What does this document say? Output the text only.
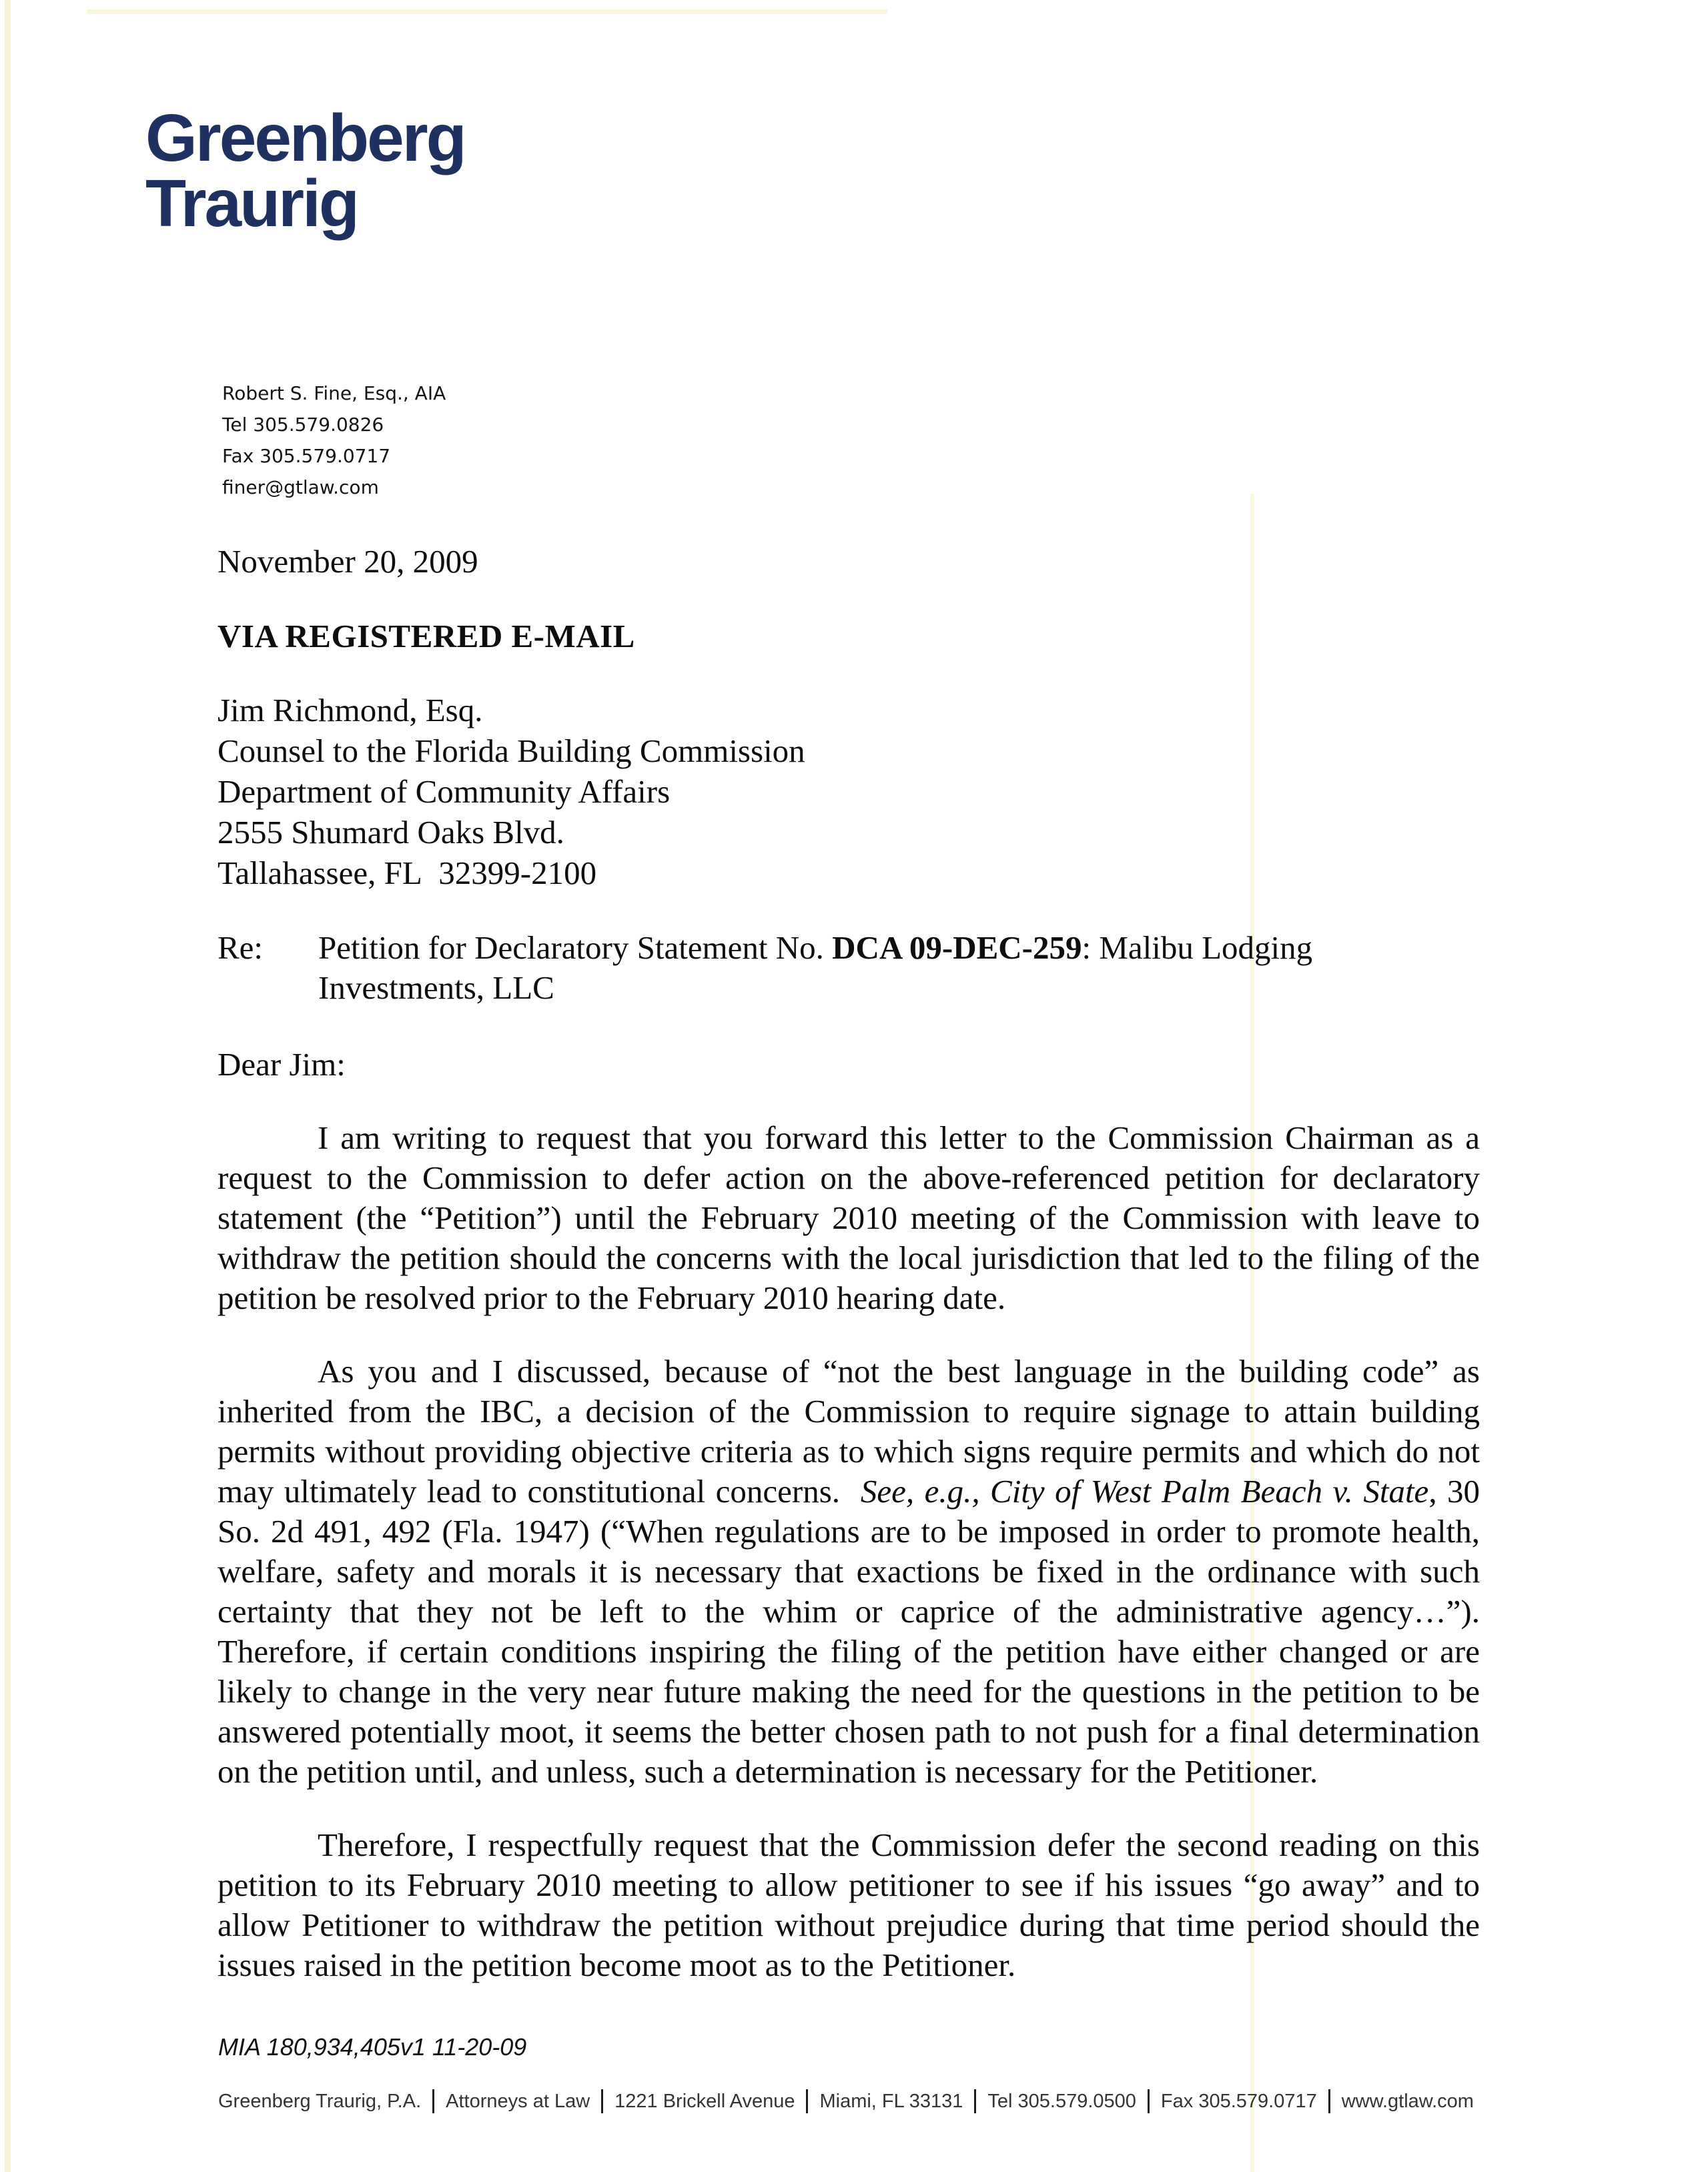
Greenberg
Traurig
Robert S. Fine, Esq., AIA
Tel 305.579.0826
Fax 305.579.0717
finer@gtlaw.com
November 20, 2009
VIA REGISTERED E-MAIL
Jim Richmond, Esq.
Counsel to the Florida Building Commission
Department of Community Affairs
2555 Shumard Oaks Blvd.
Tallahassee, FL  32399-2100
Re:	Petition for Declaratory Statement No. DCA 09-DEC-259: Malibu Lodging
Investments, LLC
Dear Jim:

I am writing to request that you forward this letter to the Commission Chairman as a request to the Commission to defer action on the above-referenced petition for declaratory statement (the “Petition”) until the February 2010 meeting of the Commission with leave to withdraw the petition should the concerns with the local jurisdiction that led to the filing of the petition be resolved prior to the February 2010 hearing date.

As you and I discussed, because of “not the best language in the building code” as inherited from the IBC, a decision of the Commission to require signage to attain building permits without providing objective criteria as to which signs require permits and which do not may ultimately lead to constitutional concerns.  See, e.g., City of West Palm Beach v. State, 30 So. 2d 491, 492 (Fla. 1947) (“When regulations are to be imposed in order to promote health, welfare, safety and morals it is necessary that exactions be fixed in the ordinance with such certainty that they not be left to the whim or caprice of the administrative agency…”). Therefore, if certain conditions inspiring the filing of the petition have either changed or are likely to change in the very near future making the need for the questions in the petition to be answered potentially moot, it seems the better chosen path to not push for a final determination on the petition until, and unless, such a determination is necessary for the Petitioner.

Therefore, I respectfully request that the Commission defer the second reading on this petition to its February 2010 meeting to allow petitioner to see if his issues “go away” and to allow Petitioner to withdraw the petition without prejudice during that time period should the issues raised in the petition become moot as to the Petitioner.

MIA 180,934,405v1 11-20-09
Greenberg Traurig, P.A. Attorneys at Law 1221 Brickell Avenue Miami, FL 33131 Tel 305.579.0500 Fax 305.579.0717 www.gtlaw.com
